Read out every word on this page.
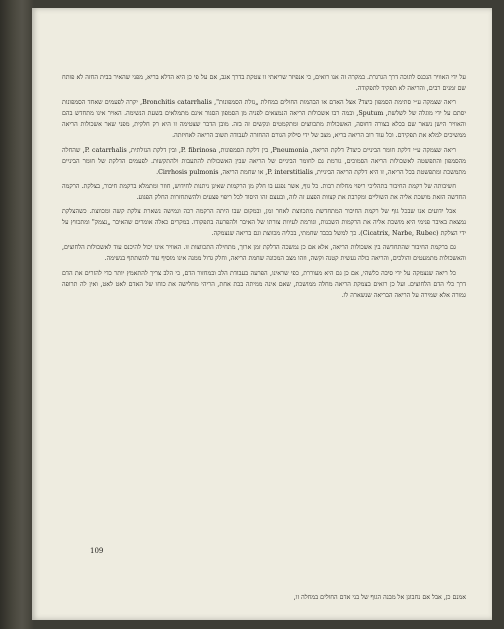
על ידי האוויר הנכנס לתוכה דרך הגרגרת. במקרה זה אנו רואים, כי אנפיזר שריאתי זו צטקת בדרך אגב, אם על פי כן היא הדלא בריא, מפני שהאיר בבית החזה לא פותח שם זמנים רבים, והריאה לא תפקיד לתפקודה.

ריאה שצמקה ע״י סתימת הסמפון כיצד? אצל האדם או הבהמות החולים במחלת „נזלת הסמפונות", Bronchitis catarrhalis, יקרה לפעמים שאחד הסמפונות יסתם על ידי מוגלה של לשלשת, Sputum, ובמה רבו אשכולות הריאה הנמצאים לפניה מן הסמפון הסגור אינם מתמלאים בשעת הנשימה. האויר אינו מתחדש בהם והאוויר הישן נשאר שם בכלא בצורה דחוסה, האשכולות מתכווצים ומתקמטים ונקשים זה בזה. מובן הדבר שצטימה זו היא רק חלקית, מפני שאר אשכולות הריאה ממשיכים למלא את תפקידם. וכל עוד רוב הריאה בריא, מצב של ידי סילוק הגורם ההחזרה לעבודה תשוב הריאה לאחיזתה.

ריאה שצמקה ע״י דלקת חומר הביניים כיצד? דלקת הריאה, Pneumonia, בין דלקת הסמפונות, P. fibrinosa, ובין דלקת הנזלתית, P. catarrhalis, שהחלה מהסמפון והתפשטה לאשכולות הריאה הסמוכים, גורמת גם לחומר הביניים של הריאה שבין האשכולות להתעבות ולהתקשות. לפעמים הדלקת של חומר הביניים מתמשכת ומתפשטת בכל הריאה, זו היא דלקת הריאה הביניית, P. interstitialis, או שחמת הריאה, Cirrhosis pulmonis.

חשיבותה של רקמת החיבור בתהליכי ריפוי מחלות רבות. כל גוף, אשר נפגע בו חלק מן הרקמות שאינן ניתנות לחידוש, חוזר ומתמלא ברקמת חיבור, בצלקת. הרקמה החדשה הזאת מושכת אליה את השוליים ומקרבת את קצוות הפצע זה לזה, ובעצם זהו היסוד לכל ריפוי פצעים ולהשתחזרות החלק הפגוע.

אבל ידועים אנו שבכל גוף של רקמת החיבור המתחדשת מתכווצת לאחר זמן, ובמקום שבו היתה הרקמה רכה וגמישה נשארת צלקת קשה ומכווצת. כשהצלקת נמצאת באיבר פנימי היא מושכת אליה את הרקמות השכנות, וגורמת לעיוות צורתו של האיבר ולהפרעה בתפקודו. במקרים כאלה אומרים שהאיבר „נצמק" ומתכווץ על ידי הצלקת (Cicatrix, Narbe, Rubec). כך למשל בכבד שחמתי, בכליה מכווצת וגם בריאה שנצמקה.

גם ברקמת החיבור שהתחדשה בין אשכולות הריאה, אלא אם כן נמשכה הדלקת זמן ארוך, מתחילה התכווצות זו. האוויר אינו יכול להיכנס עוד לאשכולות הלחוצים, והאשכולות מתמעטים והולכים, והריאה כולה נעשית קטנה וקשה, וזהו מצב המכונה שחמת הריאה, וחלק גדול ממנה אינו מוסיף עוד להשתתף בנשימה.

כל ריאה שנצמקה על ידי סיבה כלשהי, אם כן גם היא מעוררת, כפי שראינו, הפרעה בעבודת הלב ובמחזור הדם, כי הלב צריך להתאמץ יותר כדי להזרים את הדם דרך כלי הדם הלחוצים. ועל כן רואים בצמקת הריאה מחלה ממושכת, שאם אינה ממיתה בבת אחת, הריהי מחלישה את כוחו של האדם לאט לאט, ואין לה תרופה גמורה אלא שמירה על הריאה הבריאה שנשארה לו.

109
אמנם כן, אבל אם נחבונן אל מבנה הגוף של בני אדם החולים במחלה זו,
